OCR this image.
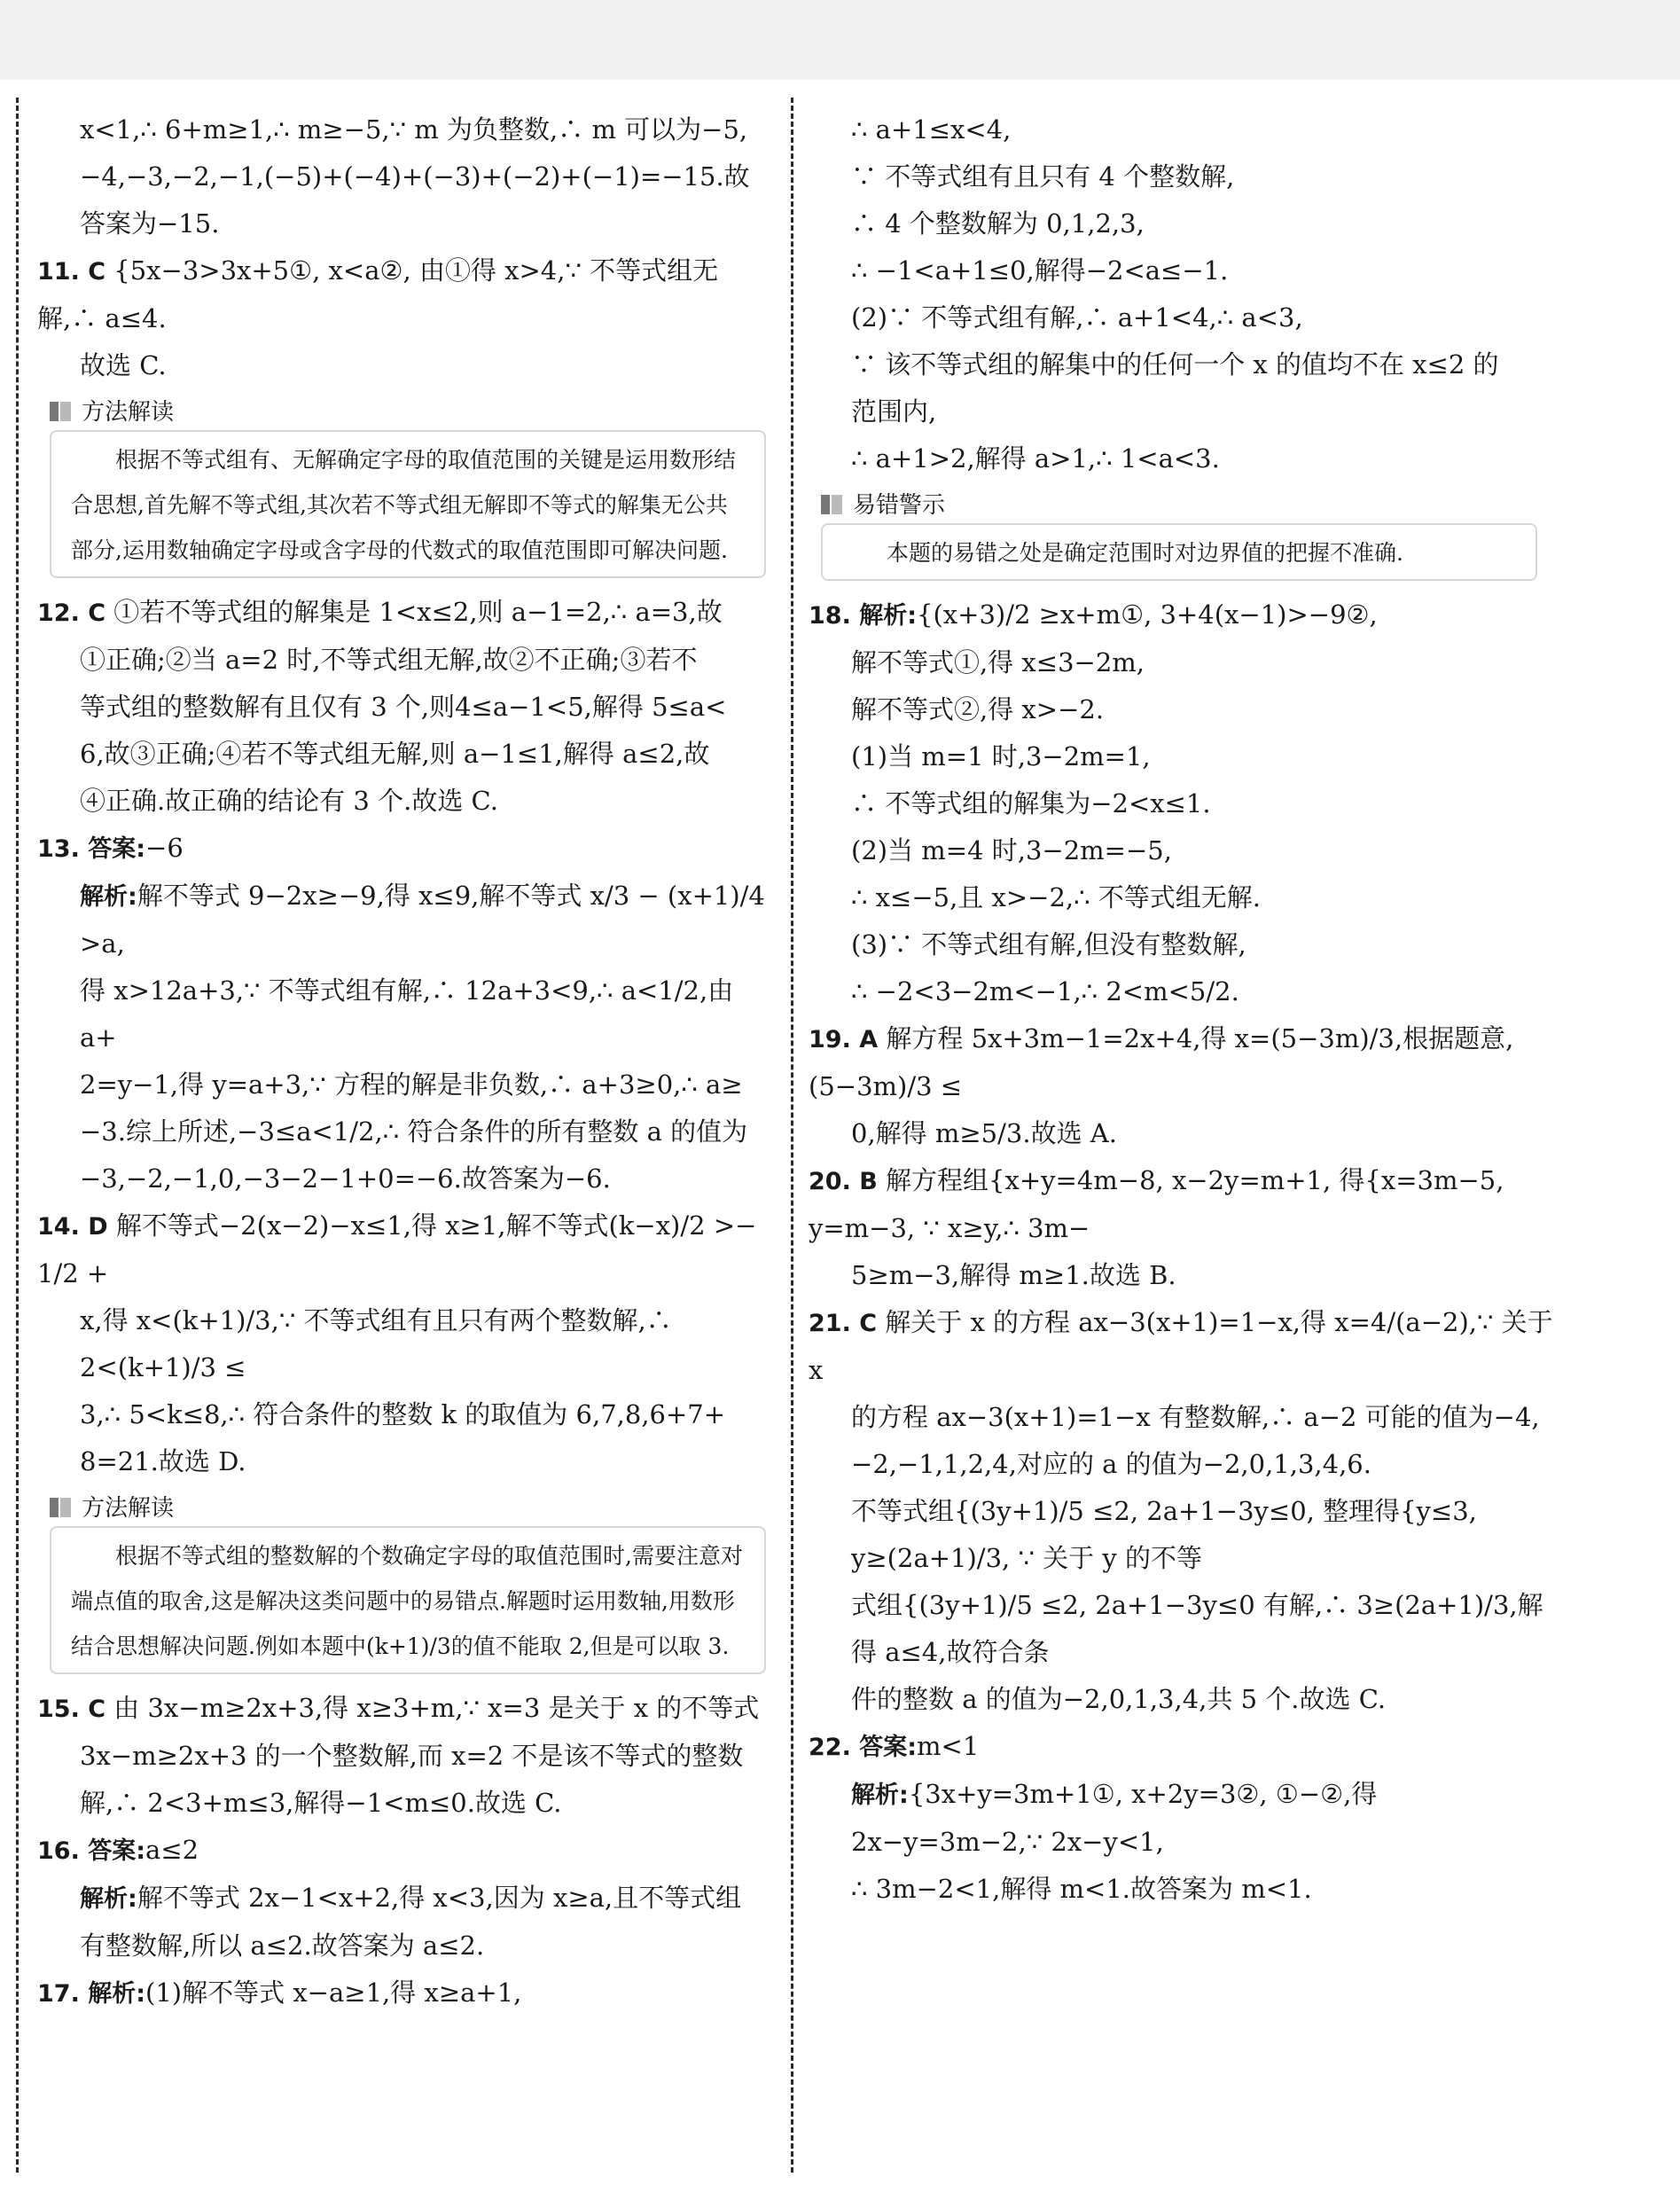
x<1,∴ 6+m≥1,∴ m≥−5,∵ m 为负整数,∴ m 可以为−5,
−4,−3,−2,−1,(−5)+(−4)+(−3)+(−2)+(−1)=−15.故
答案为−15.
11. C {5x−3>3x+5①, x<a②, 由①得 x>4,∵ 不等式组无解,∴ a≤4.
故选 C.
方法解读
根据不等式组有、无解确定字母的取值范围的关键是运用数形结合思想,首先解不等式组,其次若不等式组无解即不等式的解集无公共部分,运用数轴确定字母或含字母的代数式的取值范围即可解决问题.
12. C ①若不等式组的解集是 1<x≤2,则 a−1=2,∴ a=3,故
①正确;②当 a=2 时,不等式组无解,故②不正确;③若不
等式组的整数解有且仅有 3 个,则4≤a−1<5,解得 5≤a<
6,故③正确;④若不等式组无解,则 a−1≤1,解得 a≤2,故
④正确.故正确的结论有 3 个.故选 C.
13. 答案:−6
解析:解不等式 9−2x≥−9,得 x≤9,解不等式 x/3 − (x+1)/4 >a,
得 x>12a+3,∵ 不等式组有解,∴ 12a+3<9,∴ a<1/2,由 a+
2=y−1,得 y=a+3,∵ 方程的解是非负数,∴ a+3≥0,∴ a≥
−3.综上所述,−3≤a<1/2,∴ 符合条件的所有整数 a 的值为
−3,−2,−1,0,−3−2−1+0=−6.故答案为−6.
14. D 解不等式−2(x−2)−x≤1,得 x≥1,解不等式(k−x)/2 >− 1/2 +
x,得 x<(k+1)/3,∵ 不等式组有且只有两个整数解,∴ 2<(k+1)/3 ≤
3,∴ 5<k≤8,∴ 符合条件的整数 k 的取值为 6,7,8,6+7+
8=21.故选 D.
方法解读
根据不等式组的整数解的个数确定字母的取值范围时,需要注意对端点值的取舍,这是解决这类问题中的易错点.解题时运用数轴,用数形结合思想解决问题.例如本题中(k+1)/3的值不能取 2,但是可以取 3.
15. C 由 3x−m≥2x+3,得 x≥3+m,∵ x=3 是关于 x 的不等式
3x−m≥2x+3 的一个整数解,而 x=2 不是该不等式的整数
解,∴ 2<3+m≤3,解得−1<m≤0.故选 C.
16. 答案:a≤2
解析:解不等式 2x−1<x+2,得 x<3,因为 x≥a,且不等式组
有整数解,所以 a≤2.故答案为 a≤2.
17. 解析:(1)解不等式 x−a≥1,得 x≥a+1,
∴ a+1≤x<4,
∵ 不等式组有且只有 4 个整数解,
∴ 4 个整数解为 0,1,2,3,
∴ −1<a+1≤0,解得−2<a≤−1.
(2)∵ 不等式组有解,∴ a+1<4,∴ a<3,
∵ 该不等式组的解集中的任何一个 x 的值均不在 x≤2 的
范围内,
∴ a+1>2,解得 a>1,∴ 1<a<3.
易错警示
本题的易错之处是确定范围时对边界值的把握不准确.
18. 解析:{(x+3)/2 ≥x+m①, 3+4(x−1)>−9②,
解不等式①,得 x≤3−2m,
解不等式②,得 x>−2.
(1)当 m=1 时,3−2m=1,
∴ 不等式组的解集为−2<x≤1.
(2)当 m=4 时,3−2m=−5,
∴ x≤−5,且 x>−2,∴ 不等式组无解.
(3)∵ 不等式组有解,但没有整数解,
∴ −2<3−2m<−1,∴ 2<m<5/2.
19. A 解方程 5x+3m−1=2x+4,得 x=(5−3m)/3,根据题意,(5−3m)/3 ≤
0,解得 m≥5/3.故选 A.
20. B 解方程组{x+y=4m−8, x−2y=m+1, 得{x=3m−5, y=m−3, ∵ x≥y,∴ 3m−
5≥m−3,解得 m≥1.故选 B.
21. C 解关于 x 的方程 ax−3(x+1)=1−x,得 x=4/(a−2),∵ 关于 x
的方程 ax−3(x+1)=1−x 有整数解,∴ a−2 可能的值为−4,
−2,−1,1,2,4,对应的 a 的值为−2,0,1,3,4,6.
不等式组{(3y+1)/5 ≤2, 2a+1−3y≤0, 整理得{y≤3, y≥(2a+1)/3, ∵ 关于 y 的不等
式组{(3y+1)/5 ≤2, 2a+1−3y≤0 有解,∴ 3≥(2a+1)/3,解得 a≤4,故符合条
件的整数 a 的值为−2,0,1,3,4,共 5 个.故选 C.
22. 答案:m<1
解析:{3x+y=3m+1①, x+2y=3②, ①−②,得 2x−y=3m−2,∵ 2x−y<1,
∴ 3m−2<1,解得 m<1.故答案为 m<1.
